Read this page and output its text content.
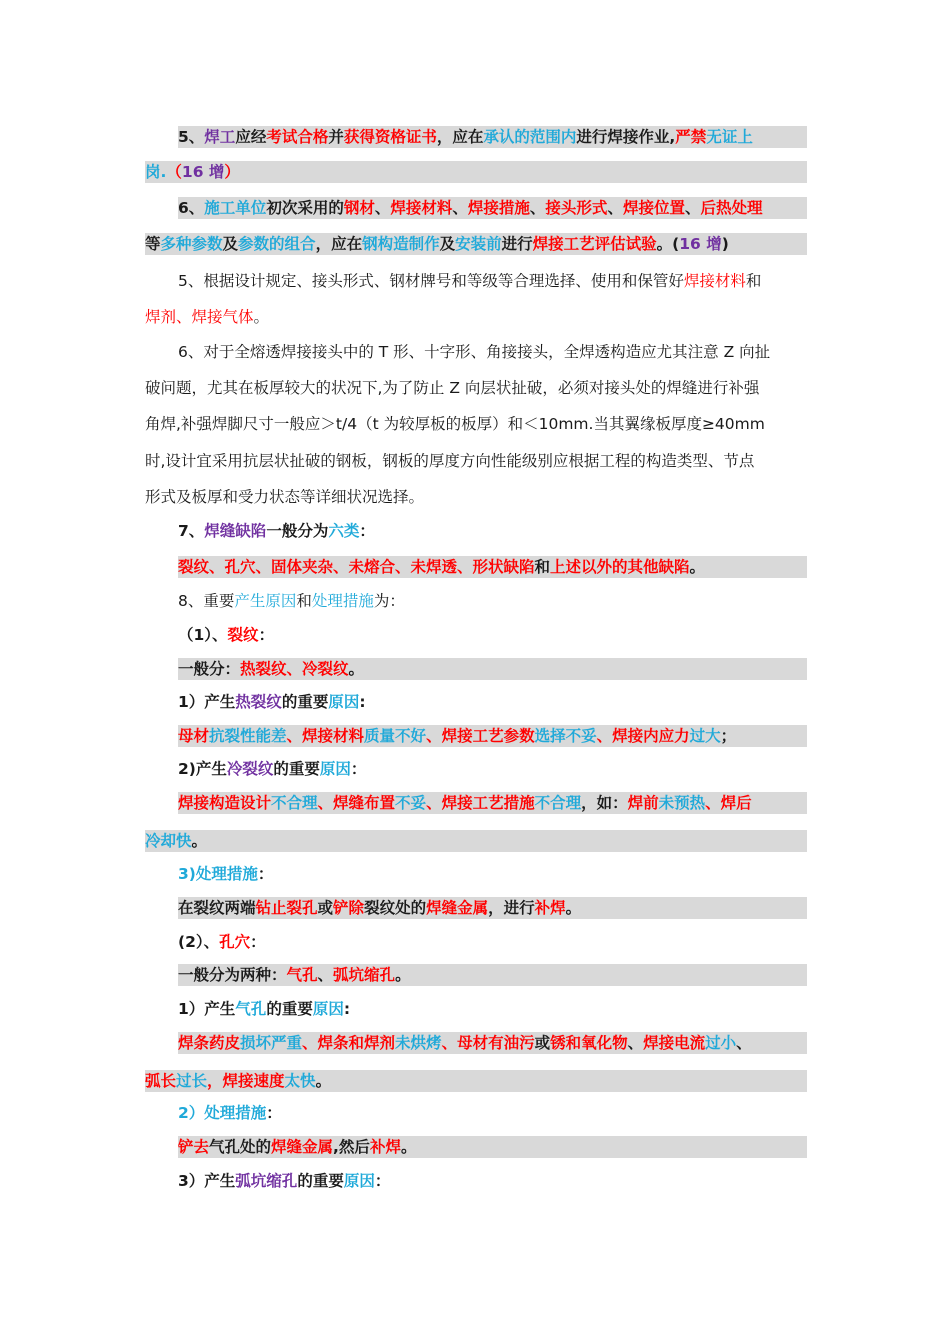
5、焊工应经考试合格并获得资格证书，应在承认的范围内进行焊接作业,严禁无证上
岗.（16 增）
6、施工单位初次采用的钢材、焊接材料、焊接措施、接头形式、焊接位置、后热处理
等多种参数及参数的组合，应在钢构造制作及安装前进行焊接工艺评估试验。(16 增)
5、根据设计规定、接头形式、钢材牌号和等级等合理选择、使用和保管好焊接材料和
焊剂、焊接气体。
6、对于全熔透焊接接头中的 T 形、十字形、角接接头，全焊透构造应尤其注意 Z 向扯
破问题，尤其在板厚较大的状况下,为了防止 Z 向层状扯破，必须对接头处的焊缝进行补强
角焊,补强焊脚尺寸一般应＞t/4（t 为较厚板的板厚）和＜10mm.当其翼缘板厚度≥40mm
时,设计宜采用抗层状扯破的钢板，钢板的厚度方向性能级别应根据工程的构造类型、节点
形式及板厚和受力状态等详细状况选择。
7、焊缝缺陷一般分为六类：
裂纹、孔穴、固体夹杂、未熔合、未焊透、形状缺陷和上述以外的其他缺陷。
8、重要产生原因和处理措施为：
（1）、裂纹：
一般分：热裂纹、冷裂纹。
1）产生热裂纹的重要原因:
母材抗裂性能差、焊接材料质量不好、焊接工艺参数选择不妥、焊接内应力过大；
2)产生冷裂纹的重要原因：
焊接构造设计不合理、焊缝布置不妥、焊接工艺措施不合理，如：焊前未预热、焊后
冷却快。
3)处理措施：
在裂纹两端钻止裂孔或铲除裂纹处的焊缝金属，进行补焊。
(2）、孔穴：
一般分为两种：气孔、弧坑缩孔。
1）产生气孔的重要原因:
焊条药皮损坏严重、焊条和焊剂未烘烤、母材有油污或锈和氧化物、焊接电流过小、
弧长过长，焊接速度太快。
2）处理措施：
铲去气孔处的焊缝金属,然后补焊。
3）产生弧坑缩孔的重要原因：
